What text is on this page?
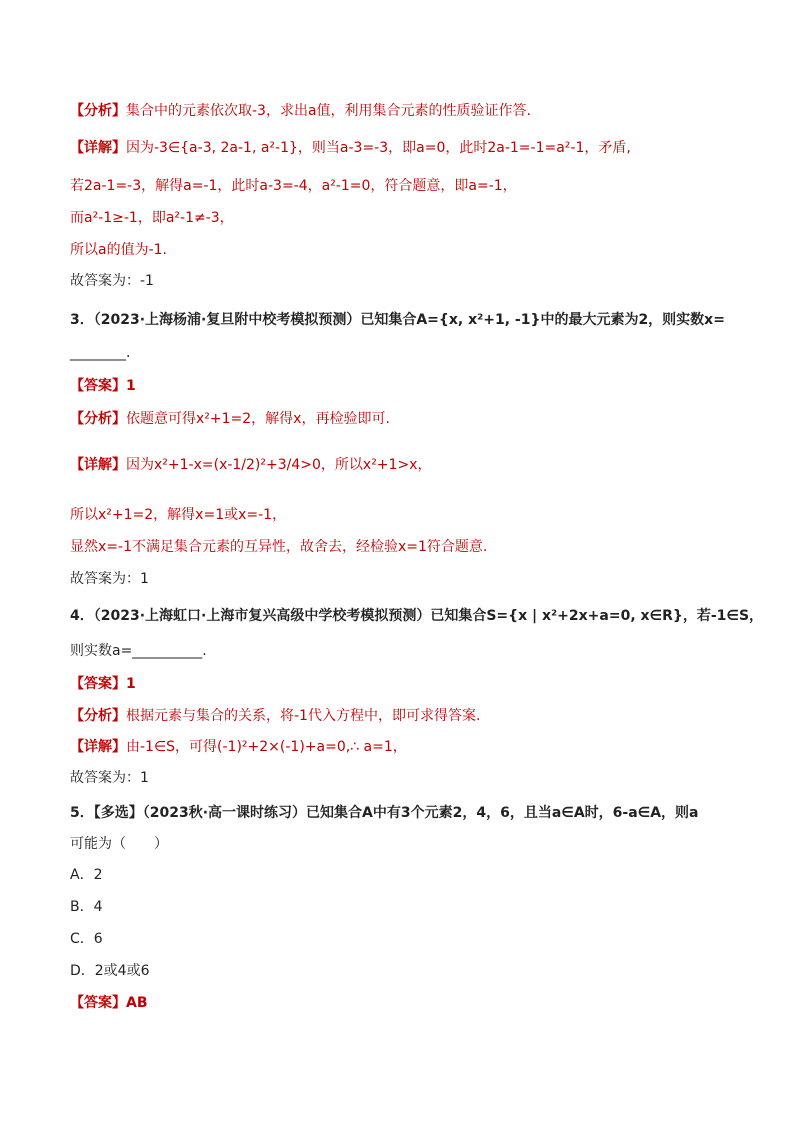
【分析】集合中的元素依次取-3，求出a值，利用集合元素的性质验证作答.
【详解】因为-3∈{a-3, 2a-1, a²-1}，则当a-3=-3，即a=0，此时2a-1=-1=a²-1，矛盾,
若2a-1=-3，解得a=-1，此时a-3=-4，a²-1=0，符合题意，即a=-1，
而a²-1≥-1，即a²-1≠-3，
所以a的值为-1.
故答案为：-1
3．（2023·上海杨浦·复旦附中校考模拟预测）已知集合A={x, x²+1, -1}中的最大元素为2，则实数x=
________.
【答案】1
【分析】依题意可得x²+1=2，解得x，再检验即可.
【详解】因为x²+1-x=(x-1/2)²+3/4>0，所以x²+1>x，
所以x²+1=2，解得x=1或x=-1，
显然x=-1不满足集合元素的互异性，故舍去，经检验x=1符合题意.
故答案为：1
4．（2023·上海虹口·上海市复兴高级中学校考模拟预测）已知集合S={x | x²+2x+a=0, x∈R}，若-1∈S，
则实数a=__________.
【答案】1
【分析】根据元素与集合的关系，将-1代入方程中，即可求得答案.
【详解】由-1∈S，可得(-1)²+2×(-1)+a=0,∴ a=1，
故答案为：1
5．【多选】（2023秋·高一课时练习）已知集合A中有3个元素2，4，6，且当a∈A时，6-a∈A，则a
可能为（　　）
A．2
B．4
C．6
D．2或4或6
【答案】AB
